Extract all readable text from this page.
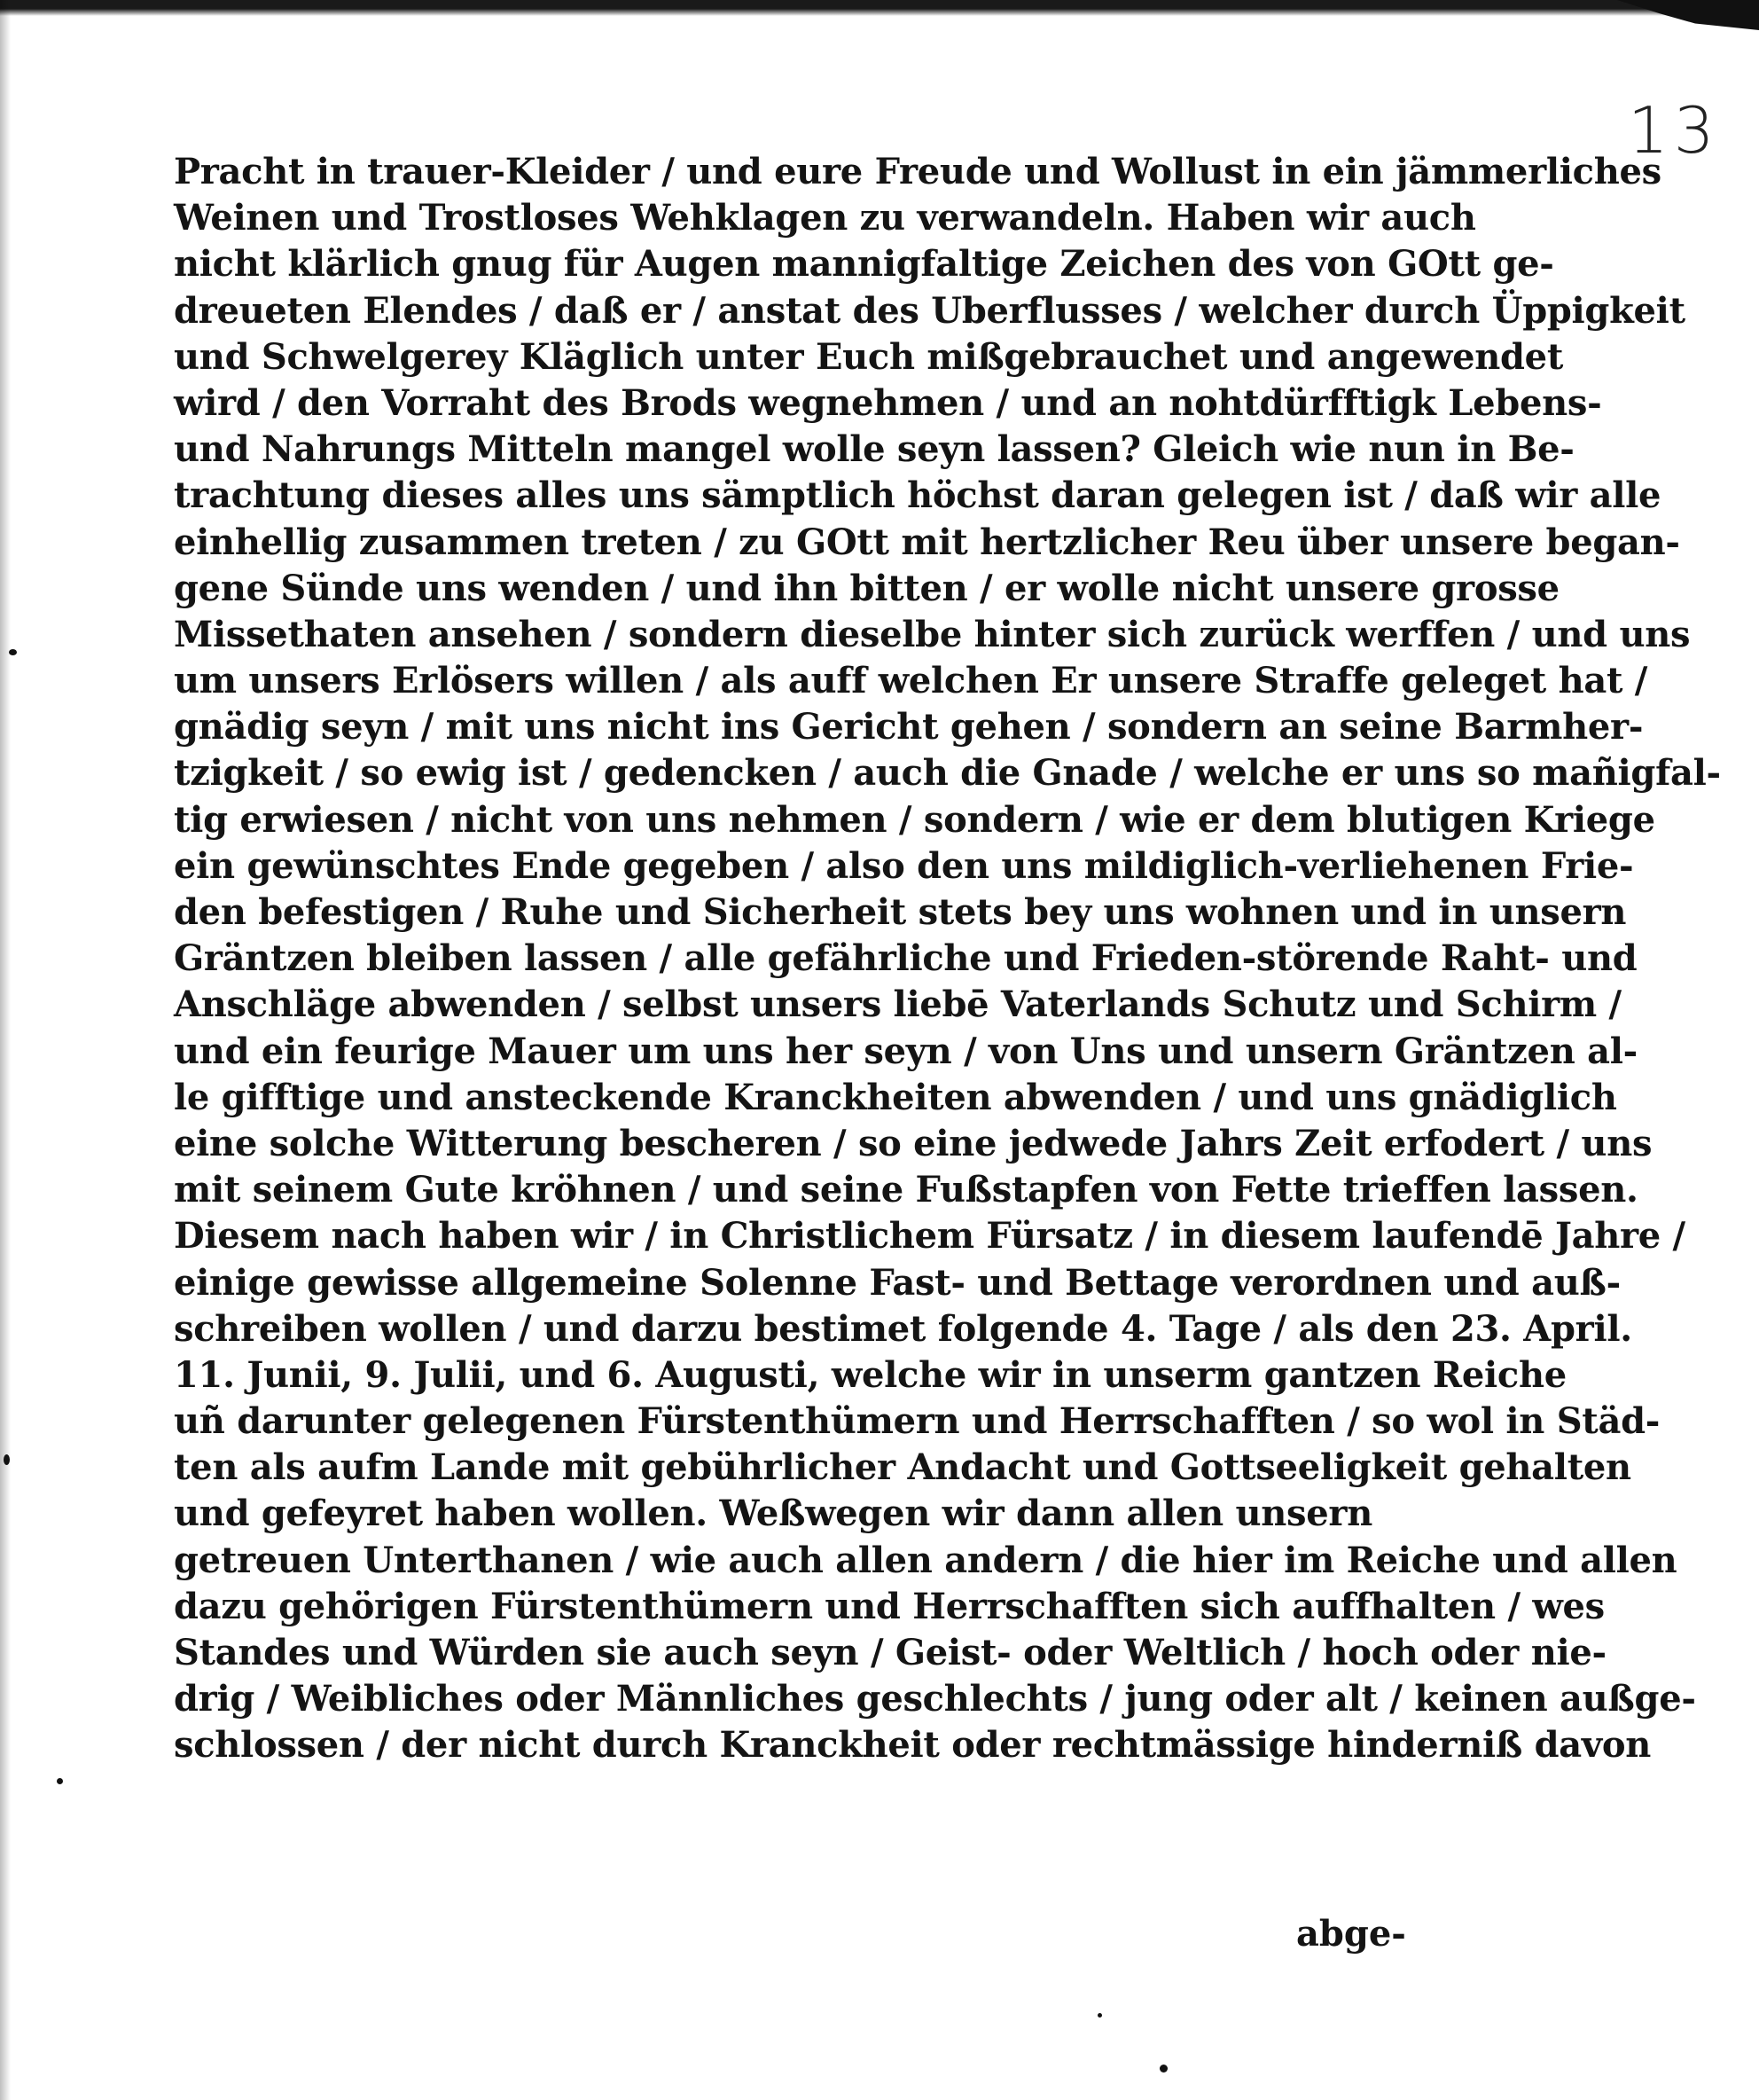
13
Pracht in trauer-Kleider / und eure Freude und Wollust in ein jämmerliches
Weinen und Trostloses Wehklagen zu verwandeln. Haben wir auch
nicht klärlich gnug für Augen mannigfaltige Zeichen des von GOtt ge-
dreueten Elendes / daß er / anstat des Uberflusses / welcher durch Üppigkeit
und Schwelgerey Kläglich unter Euch mißgebrauchet und angewendet
wird / den Vorraht des Brods wegnehmen / und an nohtdürfftigk Lebens-
und Nahrungs Mitteln mangel wolle seyn lassen? Gleich wie nun in Be-
trachtung dieses alles uns sämptlich höchst daran gelegen ist / daß wir alle
einhellig zusammen treten / zu GOtt mit hertzlicher Reu über unsere began-
gene Sünde uns wenden / und ihn bitten / er wolle nicht unsere grosse
Missethaten ansehen / sondern dieselbe hinter sich zurück werffen / und uns
um unsers Erlösers willen / als auff welchen Er unsere Straffe geleget hat /
gnädig seyn / mit uns nicht ins Gericht gehen / sondern an seine Barmher-
tzigkeit / so ewig ist / gedencken / auch die Gnade / welche er uns so mañigfal-
tig erwiesen / nicht von uns nehmen / sondern / wie er dem blutigen Kriege
ein gewünschtes Ende gegeben / also den uns mildiglich-verliehenen Frie-
den befestigen / Ruhe und Sicherheit stets bey uns wohnen und in unsern
Gräntzen bleiben lassen / alle gefährliche und Frieden-störende Raht- und
Anschläge abwenden / selbst unsers liebē Vaterlands Schutz und Schirm /
und ein feurige Mauer um uns her seyn / von Uns und unsern Gräntzen al-
le gifftige und ansteckende Kranckheiten abwenden / und uns gnädiglich
eine solche Witterung bescheren / so eine jedwede Jahrs Zeit erfodert / uns
mit seinem Gute kröhnen / und seine Fußstapfen von Fette trieffen lassen.
Diesem nach haben wir / in Christlichem Fürsatz / in diesem laufendē Jahre /
einige gewisse allgemeine Solenne Fast- und Bettage verordnen und auß-
schreiben wollen / und darzu bestimet folgende 4. Tage / als den 23. April.
11. Junii, 9. Julii, und 6. Augusti, welche wir in unserm gantzen Reiche
uñ darunter gelegenen Fürstenthümern und Herrschafften / so wol in Städ-
ten als aufm Lande mit gebührlicher Andacht und Gottseeligkeit gehalten
und gefeyret haben wollen. Weßwegen wir dann allen unsern
getreuen Unterthanen / wie auch allen andern / die hier im Reiche und allen
dazu gehörigen Fürstenthümern und Herrschafften sich auffhalten / wes
Standes und Würden sie auch seyn / Geist- oder Weltlich / hoch oder nie-
drig / Weibliches oder Männliches geschlechts / jung oder alt / keinen außge-
schlossen / der nicht durch Kranckheit oder rechtmässige hinderniß davon
abge-
